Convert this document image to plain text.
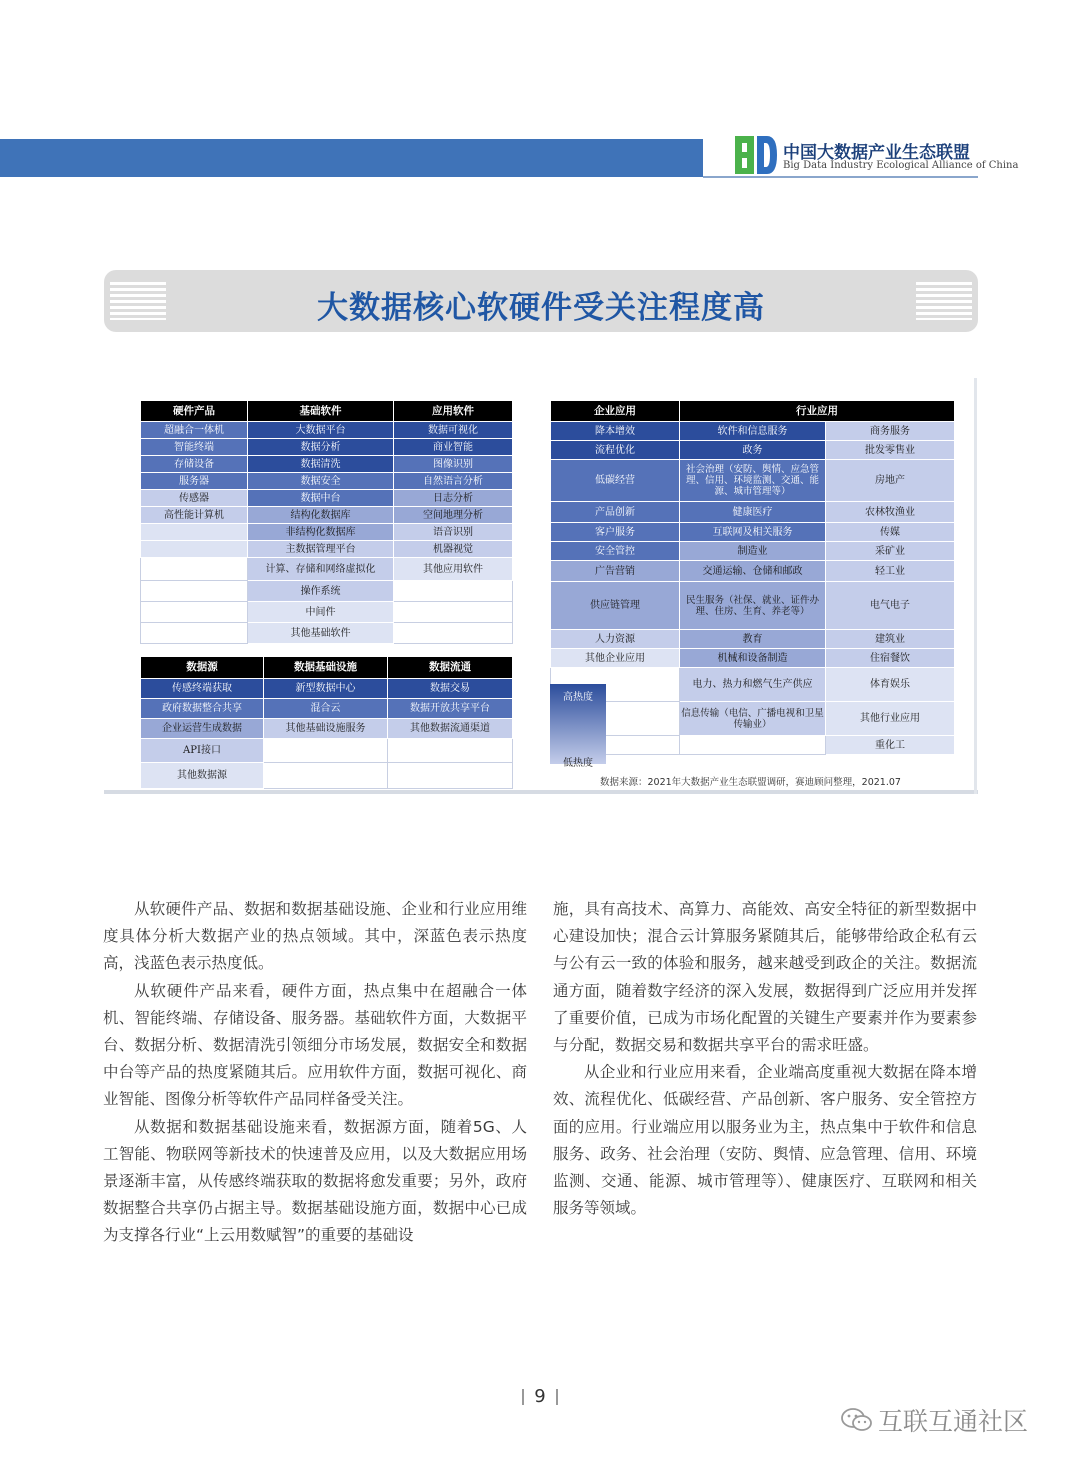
中国大数据产业生态联盟
Big Data Industry Ecological Alliance of China
大数据核心软硬件受关注程度高
硬件产品	基础软件	应用软件
超融合一体机	大数据平台	数据可视化
智能终端	数据分析	商业智能
存储设备	数据清洗	图像识别
服务器	数据安全	自然语言分析
传感器	数据中台	日志分析
高性能计算机	结构化数据库	空间地理分析
	非结构化数据库	语音识别
	主数据管理平台	机器视觉
	计算、存储和网络虚拟化	其他应用软件
	操作系统	
	中间件	
	其他基础软件	
数据源	数据基础设施	数据流通
传感终端获取	新型数据中心	数据交易
政府数据整合共享	混合云	数据开放共享平台
企业运营生成数据	其他基础设施服务	其他数据流通渠道
API接口		
其他数据源		
企业应用	行业应用	
降本增效	软件和信息服务	商务服务
流程优化	政务	批发零售业
低碳经营	社会治理（安防、舆情、应急管理、信用、环境监测、交通、能源、城市管理等）	房地产
产品创新	健康医疗	农林牧渔业
客户服务	互联网及相关服务	传媒
安全管控	制造业	采矿业
广告营销	交通运输、仓储和邮政	轻工业
供应链管理	民生服务（社保、就业、证件办理、住房、生育、养老等）	电气电子
人力资源	教育	建筑业
其他企业应用	机械和设备制造	住宿餐饮
	电力、热力和燃气生产供应	体育娱乐
	信息传输（电信、广播电视和卫星传输业）	其他行业应用
		重化工
高热度
低热度
数据来源：2021年大数据产业生态联盟调研，赛迪顾问整理，2021.07

从软硬件产品、数据和数据基础设施、企业和行业应用维度具体分析大数据产业的热点领域。其中，深蓝色表示热度高，浅蓝色表示热度低。

从软硬件产品来看，硬件方面，热点集中在超融合一体机、智能终端、存储设备、服务器。基础软件方面，大数据平台、数据分析、数据清洗引领细分市场发展，数据安全和数据中台等产品的热度紧随其后。应用软件方面，数据可视化、商业智能、图像分析等软件产品同样备受关注。

从数据和数据基础设施来看，数据源方面，随着5G、人工智能、物联网等新技术的快速普及应用，以及大数据应用场景逐渐丰富，从传感终端获取的数据将愈发重要；另外，政府数据整合共享仍占据主导。数据基础设施方面，数据中心已成为支撑各行业“上云用数赋智”的重要的基础设

施，具有高技术、高算力、高能效、高安全特征的新型数据中心建设加快；混合云计算服务紧随其后，能够带给政企私有云与公有云一致的体验和服务，越来越受到政企的关注。数据流通方面，随着数字经济的深入发展，数据得到广泛应用并发挥了重要价值，已成为市场化配置的关键生产要素并作为要素参与分配，数据交易和数据共享平台的需求旺盛。

从企业和行业应用来看，企业端高度重视大数据在降本增效、流程优化、低碳经营、产品创新、客户服务、安全管控方面的应用。行业端应用以服务业为主，热点集中于软件和信息服务、政务、社会治理（安防、舆情、应急管理、信用、环境监测、交通、能源、城市管理等）、健康医疗、互联网和相关服务等领域。

9
互联互通社区
